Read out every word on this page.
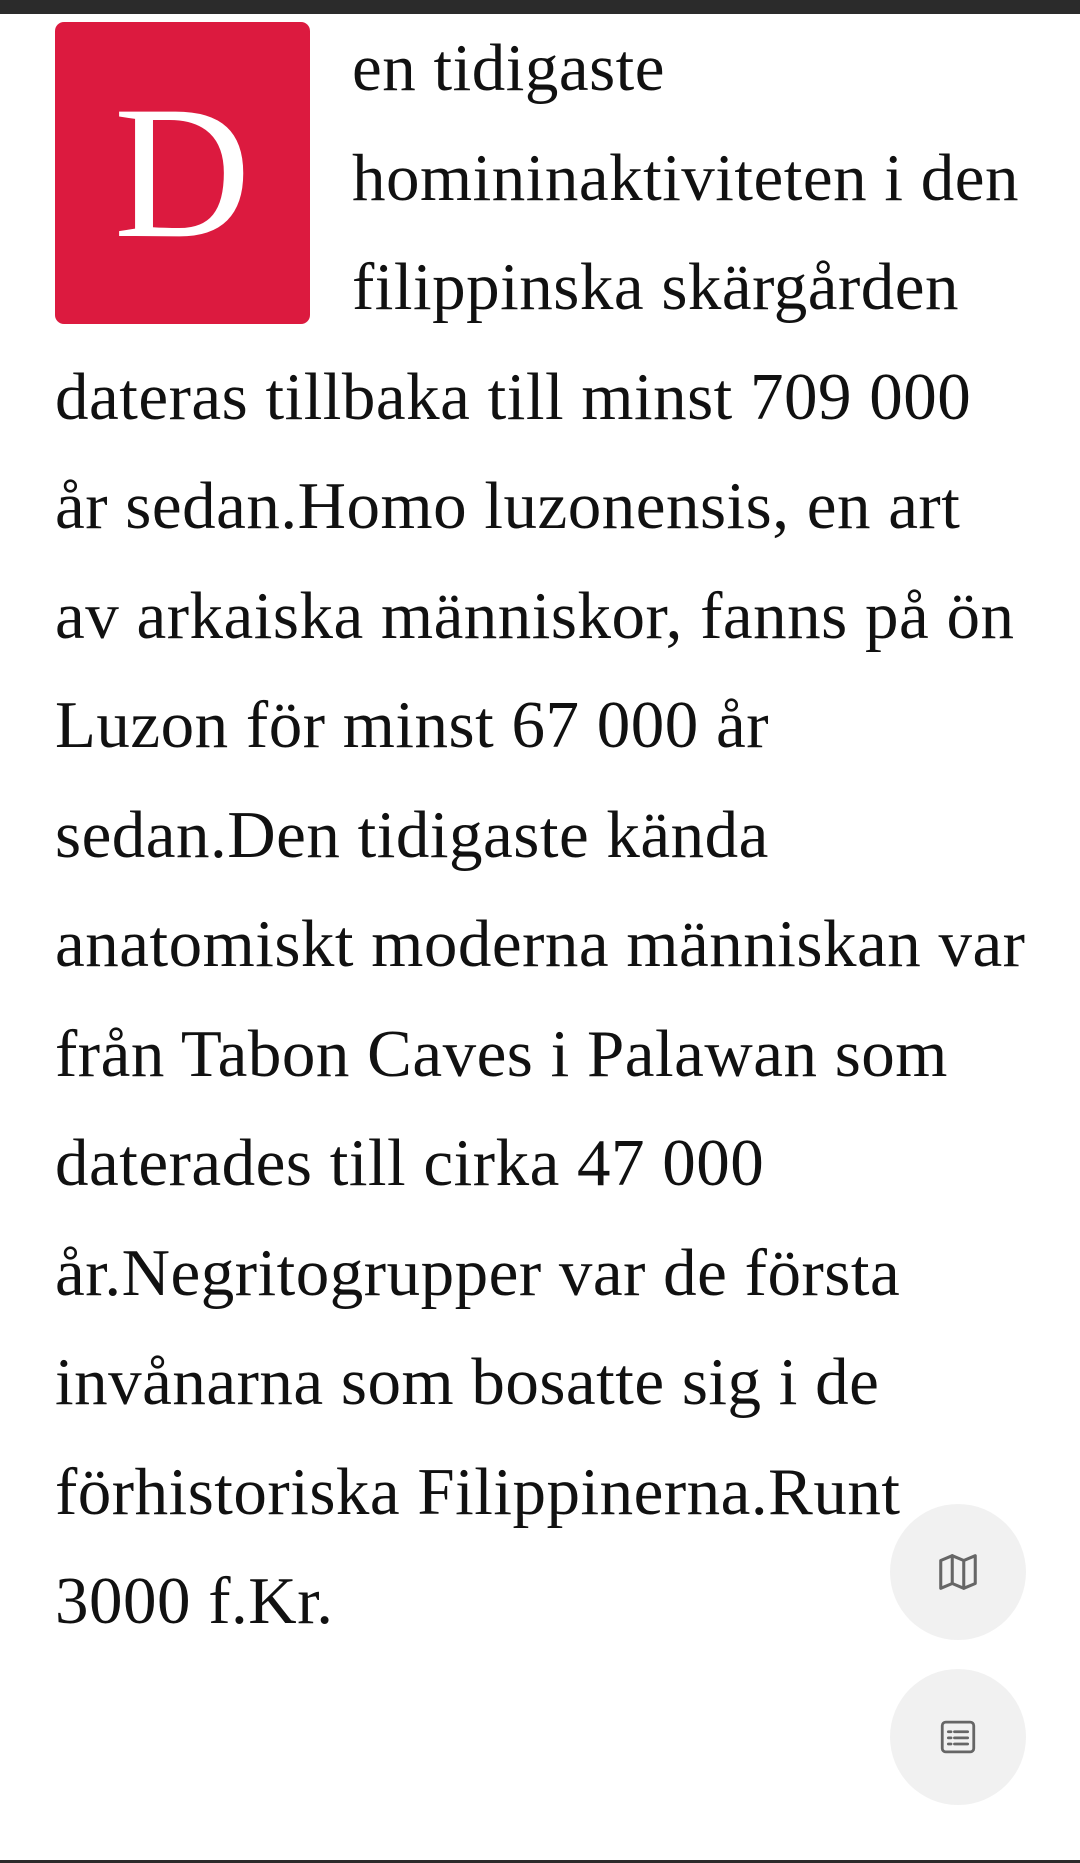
D	en tidigaste homininaktiviteten i den filippinska skärgården dateras tillbaka till minst 709 000 år sedan.Homo luzonensis, en art av arkaiska människor, fanns på ön Luzon för minst 67 000 år sedan.Den tidigaste kända anatomiskt moderna människan var från Tabon Caves i Palawan som daterades till cirka 47 000 år.Negritogrupper var de första invånarna som bosatte sig i de förhistoriska Filippinerna.Runt 3000 f.Kr.
